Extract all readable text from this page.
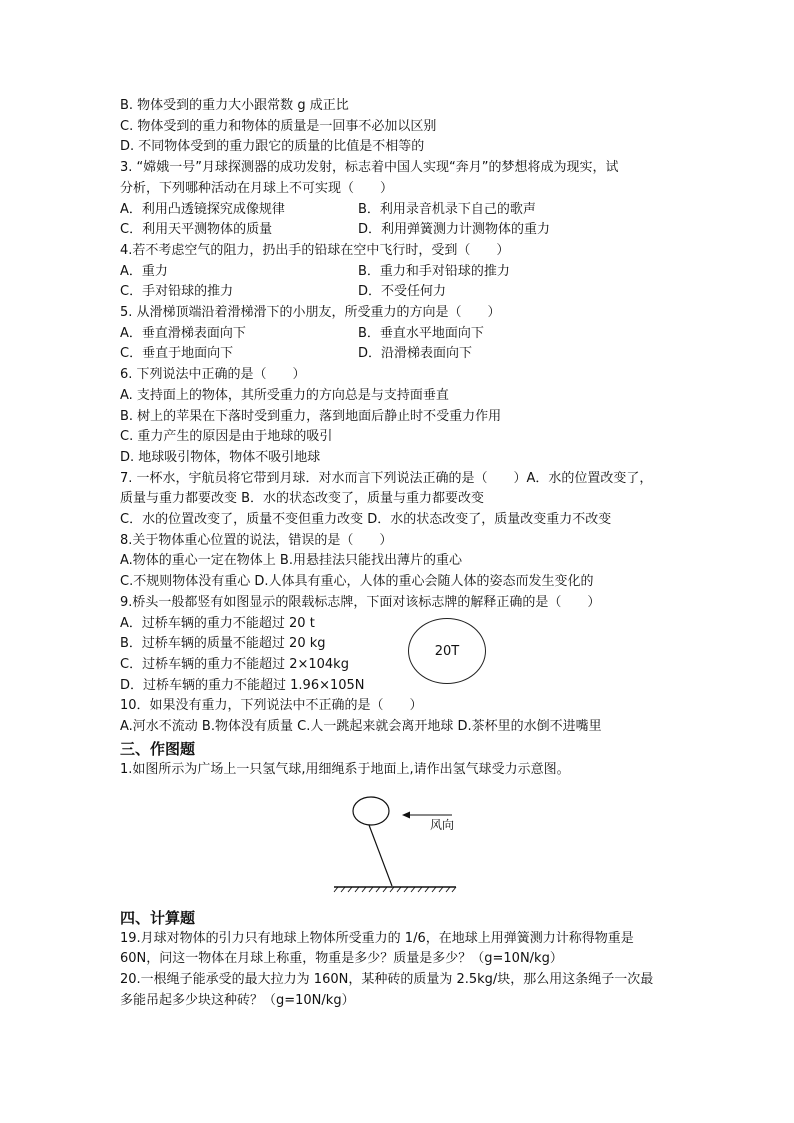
B. 物体受到的重力大小跟常数 g 成正比
C. 物体受到的重力和物体的质量是一回事不必加以区别
D. 不同物体受到的重力跟它的质量的比值是不相等的
3. “嫦娥一号”月球探测器的成功发射，标志着中国人实现“奔月”的梦想将成为现实，试
分析，下列哪种活动在月球上不可实现（　　）
A．利用凸透镜探究成像规律	B．利用录音机录下自己的歌声
C．利用天平测物体的质量	D．利用弹簧测力计测物体的重力
4.若不考虑空气的阻力，扔出手的铅球在空中飞行时，受到（　　）
A．重力	B．重力和手对铅球的推力
C．手对铅球的推力	D．不受任何力
5. 从滑梯顶端沿着滑梯滑下的小朋友，所受重力的方向是（　　）
A．垂直滑梯表面向下	B．垂直水平地面向下
C．垂直于地面向下	D．沿滑梯表面向下
6. 下列说法中正确的是（　　）
A. 支持面上的物体，其所受重力的方向总是与支持面垂直
B. 树上的苹果在下落时受到重力，落到地面后静止时不受重力作用
C. 重力产生的原因是由于地球的吸引
D. 地球吸引物体，物体不吸引地球
7. 一杯水，宇航员将它带到月球．对水而言下列说法正确的是（　　）A．水的位置改变了，
质量与重力都要改变 B．水的状态改变了，质量与重力都要改变
C．水的位置改变了，质量不变但重力改变 D．水的状态改变了，质量改变重力不改变
8.关于物体重心位置的说法，错误的是（　　）
A.物体的重心一定在物体上 B.用悬挂法只能找出薄片的重心
C.不规则物体没有重心 D.人体具有重心，人体的重心会随人体的姿态而发生变化的
9.桥头一般都竖有如图显示的限载标志牌，下面对该标志牌的解释正确的是（　　）
A．过桥车辆的重力不能超过 20 t
B．过桥车辆的质量不能超过 20 kg
C．过桥车辆的重力不能超过 2×104kg
D．过桥车辆的重力不能超过 1.96×105N
10．如果没有重力，下列说法中不正确的是（　　）
A.河水不流动 B.物体没有质量 C.人一跳起来就会离开地球 D.茶杯里的水倒不进嘴里
三、作图题
1.如图所示为广场上一只氢气球,用细绳系于地面上,请作出氢气球受力示意图。
四、计算题
19.月球对物体的引力只有地球上物体所受重力的 1/6，在地球上用弹簧测力计称得物重是
60N，问这一物体在月球上称重，物重是多少？质量是多少？（g=10N/kg）
20.一根绳子能承受的最大拉力为 160N，某种砖的质量为 2.5kg/块，那么用这条绳子一次最
多能吊起多少块这种砖？（g=10N/kg）
20T
风向
